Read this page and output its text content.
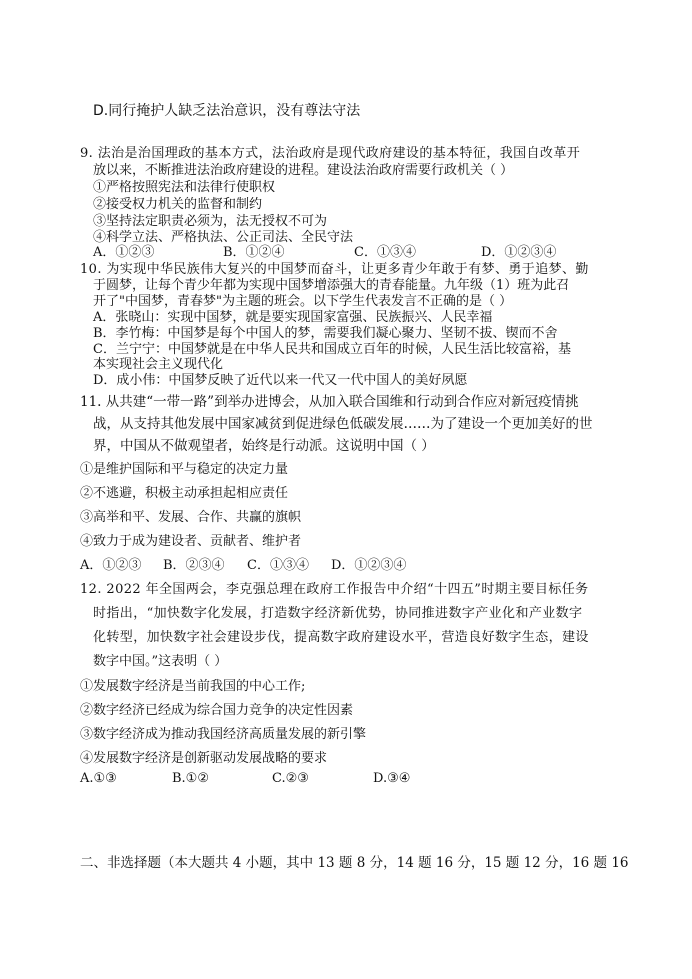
D.同行掩护人缺乏法治意识，没有尊法守法
9. 法治是治国理政的基本方式，法治政府是现代政府建设的基本特征，我国自改革开
放以来，不断推进法治政府建设的进程。建设法治政府需要行政机关（ ）
①严格按照宪法和法律行使职权
②接受权力机关的监督和制约
③坚持法定职责必须为，法无授权不可为
④科学立法、严格执法、公正司法、全民守法
A．①②③	B．①②④	C．①③④	D．①②③④
10. 为实现中华民族伟大复兴的中国梦而奋斗，让更多青少年敢于有梦、勇于追梦、勤
于圆梦，让每个青少年都为实现中国梦增添强大的青春能量。九年级（1）班为此召
开了"中国梦，青春梦"为主题的班会。以下学生代表发言不正确的是（ ）
A．张晓山：实现中国梦，就是要实现国家富强、民族振兴、人民幸福
B．李竹梅：中国梦是每个中国人的梦，需要我们凝心聚力、坚韧不拔、锲而不舍
C．兰宁宁：中国梦就是在中华人民共和国成立百年的时候，人民生活比较富裕，基
本实现社会主义现代化
D．成小伟：中国梦反映了近代以来一代又一代中国人的美好夙愿
11. 从共建“一带一路”到举办进博会，从加入联合国维和行动到合作应对新冠疫情挑
战，从支持其他发展中国家减贫到促进绿色低碳发展……为了建设一个更加美好的世
界，中国从不做观望者，始终是行动派。这说明中国（ ）
①是维护国际和平与稳定的决定力量
②不逃避，积极主动承担起相应责任
③高举和平、发展、合作、共赢的旗帜
④致力于成为建设者、贡献者、维护者
A．①②③ B．②③④ C．①③④ D．①②③④
12. 2022 年全国两会，李克强总理在政府工作报告中介绍“十四五”时期主要目标任务
时指出，“加快数字化发展，打造数字经济新优势，协同推进数字产业化和产业数字
化转型，加快数字社会建设步伐，提高数字政府建设水平，营造良好数字生态，建设
数字中国。”这表明（ ）
①发展数字经济是当前我国的中心工作;
②数字经济已经成为综合国力竞争的决定性因素
③数字经济成为推动我国经济高质量发展的新引擎
④发展数字经济是创新驱动发展战略的要求
A.①③	B.①②	C.②③	D.③④
二、非选择题（本大题共 4 小题，其中 13 题 8 分，14 题 16 分，15 题 12 分，16 题 16
